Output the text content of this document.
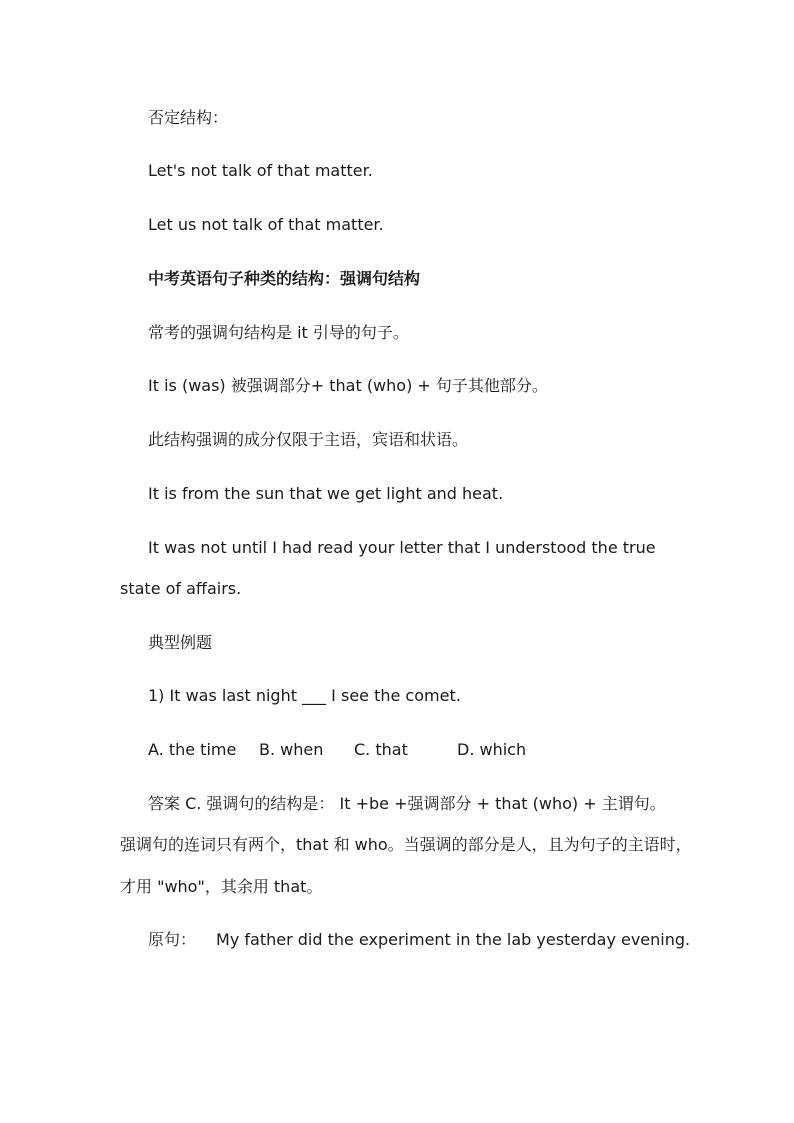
否定结构：
Let's not talk of that matter.
Let us not talk of that matter.
中考英语句子种类的结构：强调句结构
常考的强调句结构是 it 引导的句子。
It is (was) 被强调部分+ that (who) + 句子其他部分。
此结构强调的成分仅限于主语，宾语和状语。
It is from the sun that we get light and heat.
It was not until I had read your letter that I understood the true
state of affairs.
典型例题
1) It was last night ___ I see the comet.
A. the time B. when C. that	D. which
答案 C. 强调句的结构是： It +be +强调部分 + that (who) + 主谓句。
强调句的连词只有两个，that 和 who。当强调的部分是人，且为句子的主语时，
才用 "who"，其余用 that。
原句： My father did the experiment in the lab yesterday evening.
